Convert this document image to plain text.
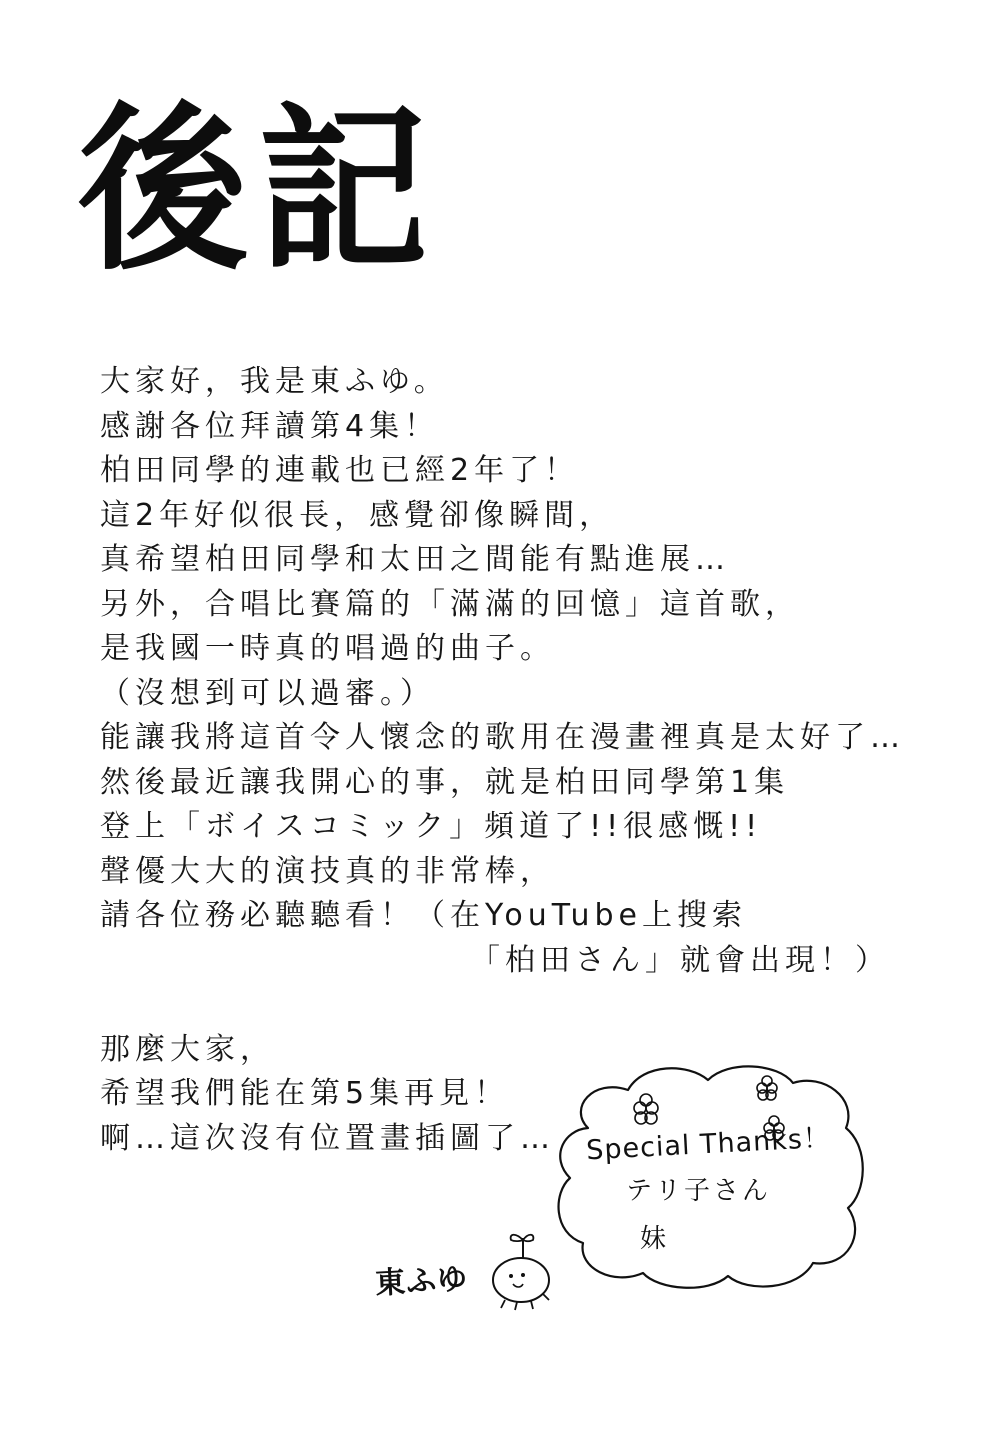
後記
大家好，我是東ふゆ。
感謝各位拜讀第4集！
柏田同學的連載也已經2年了！
這2年好似很長，感覺卻像瞬間，
真希望柏田同學和太田之間能有點進展…
另外，合唱比賽篇的「滿滿的回憶」這首歌，
是我國一時真的唱過的曲子。
（沒想到可以過審。）
能讓我將這首令人懷念的歌用在漫畫裡真是太好了…
然後最近讓我開心的事，就是柏田同學第1集
登上「ボイスコミック」頻道了!!很感慨!!
聲優大大的演技真的非常棒，
請各位務必聽聽看！（在YouTube上搜索
「柏田さん」就會出現！）
那麼大家，
希望我們能在第5集再見！
啊…這次沒有位置畫插圖了…	Special Thanks！
テリ子さん
妹
東ふゆ
